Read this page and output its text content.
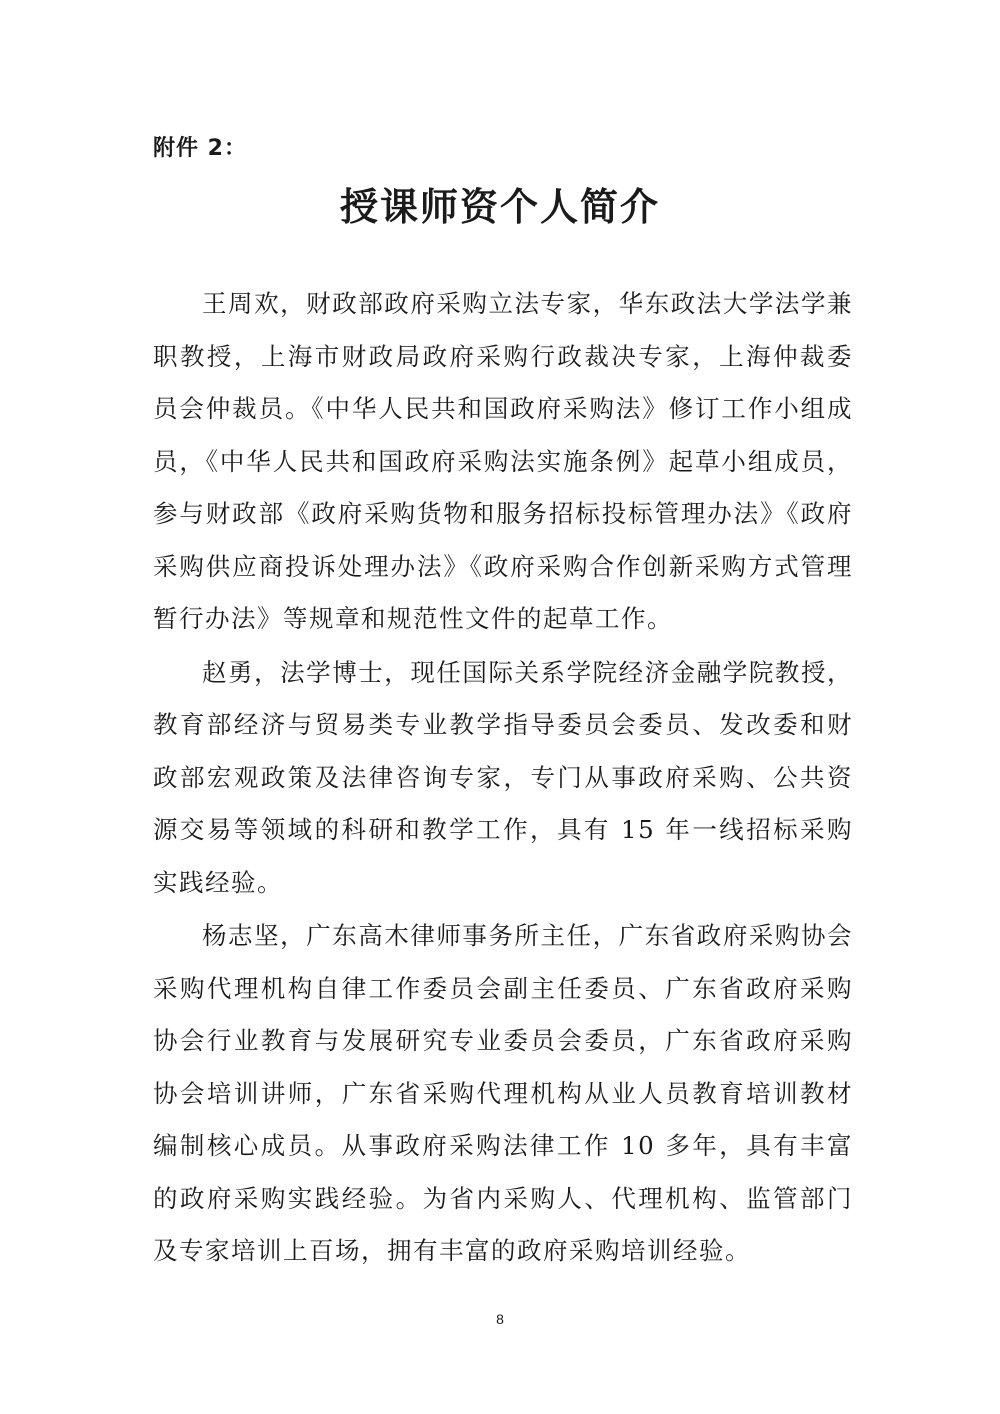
附件 2：

授课师资个人简介

王周欢，财政部政府采购立法专家，华东政法大学法学兼职教授，上海市财政局政府采购行政裁决专家，上海仲裁委员会仲裁员。《中华人民共和国政府采购法》修订工作小组成员，《中华人民共和国政府采购法实施条例》起草小组成员，参与财政部《政府采购货物和服务招标投标管理办法》《政府采购供应商投诉处理办法》《政府采购合作创新采购方式管理暂行办法》等规章和规范性文件的起草工作。

赵勇，法学博士，现任国际关系学院经济金融学院教授，教育部经济与贸易类专业教学指导委员会委员、发改委和财政部宏观政策及法律咨询专家，专门从事政府采购、公共资源交易等领域的科研和教学工作，具有 15 年一线招标采购实践经验。

杨志坚，广东高木律师事务所主任，广东省政府采购协会采购代理机构自律工作委员会副主任委员、广东省政府采购协会行业教育与发展研究专业委员会委员，广东省政府采购协会培训讲师，广东省采购代理机构从业人员教育培训教材编制核心成员。从事政府采购法律工作 10 多年，具有丰富的政府采购实践经验。为省内采购人、代理机构、监管部门及专家培训上百场，拥有丰富的政府采购培训经验。

8
